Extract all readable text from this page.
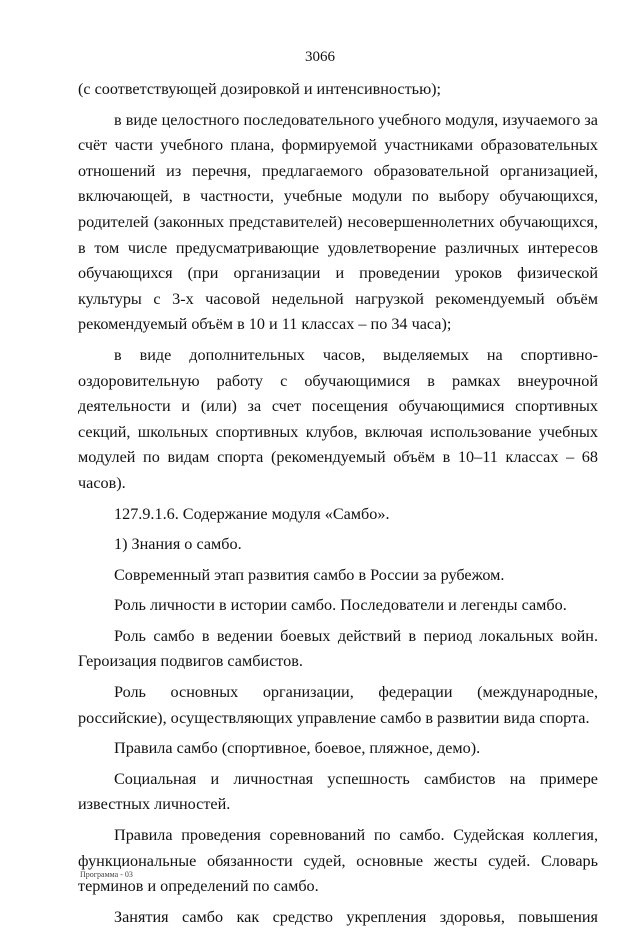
3066

(с соответствующей дозировкой и интенсивностью);

в виде целостного последовательного учебного модуля, изучаемого за счёт части учебного плана, формируемой участниками образовательных отношений из перечня, предлагаемого образовательной организацией, включающей, в частности, учебные модули по выбору обучающихся, родителей (законных представителей) несовершеннолетних обучающихся, в том числе предусматривающие удовлетворение различных интересов обучающихся (при организации и проведении уроков физической культуры с 3-х часовой недельной нагрузкой рекомендуемый объём рекомендуемый объём в 10 и 11 классах – по 34 часа);

в виде дополнительных часов, выделяемых на спортивно-оздоровительную работу с обучающимися в рамках внеурочной деятельности и (или) за счет посещения обучающимися спортивных секций, школьных спортивных клубов, включая использование учебных модулей по видам спорта (рекомендуемый объём в 10–11 классах – 68 часов).

127.9.1.6. Содержание модуля «Самбо».

1) Знания о самбо.

Современный этап развития самбо в России за рубежом.

Роль личности в истории самбо. Последователи и легенды самбо.

Роль самбо в ведении боевых действий в период локальных войн. Героизация подвигов самбистов.

Роль основных организации, федерации (международные, российские), осуществляющих управление самбо в развитии вида спорта.

Правила самбо (спортивное, боевое, пляжное, демо).

Социальная и личностная успешность самбистов на примере известных личностей.

Правила проведения соревнований по самбо. Судейская коллегия, функциональные обязанности судей, основные жесты судей. Словарь терминов и определений по самбо.

Занятия самбо как средство укрепления здоровья, повышения

Программа - 03
